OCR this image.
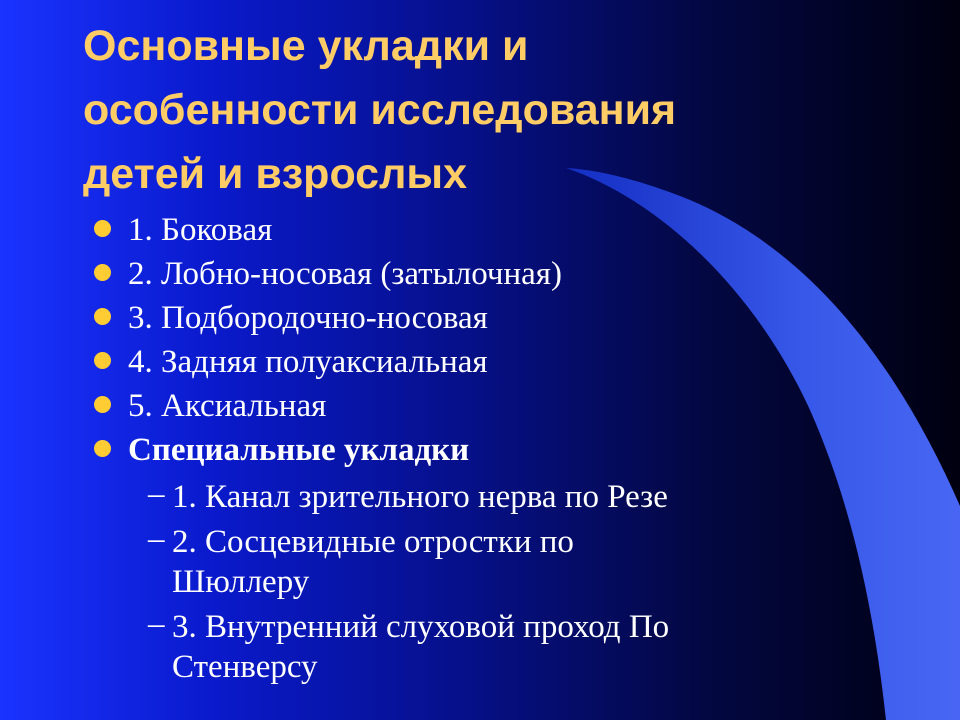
Основные укладки и
особенности исследования
детей и взрослых
1. Боковая
2. Лобно-носовая (затылочная)
3. Подбородочно-носовая
4. Задняя полуаксиальная
5. Аксиальная
Специальные укладки
– 1. Канал зрительного нерва по Резе
– 2. Сосцевидные отростки по
Шюллеру
– 3. Внутренний слуховой проход По
Стенверсу
